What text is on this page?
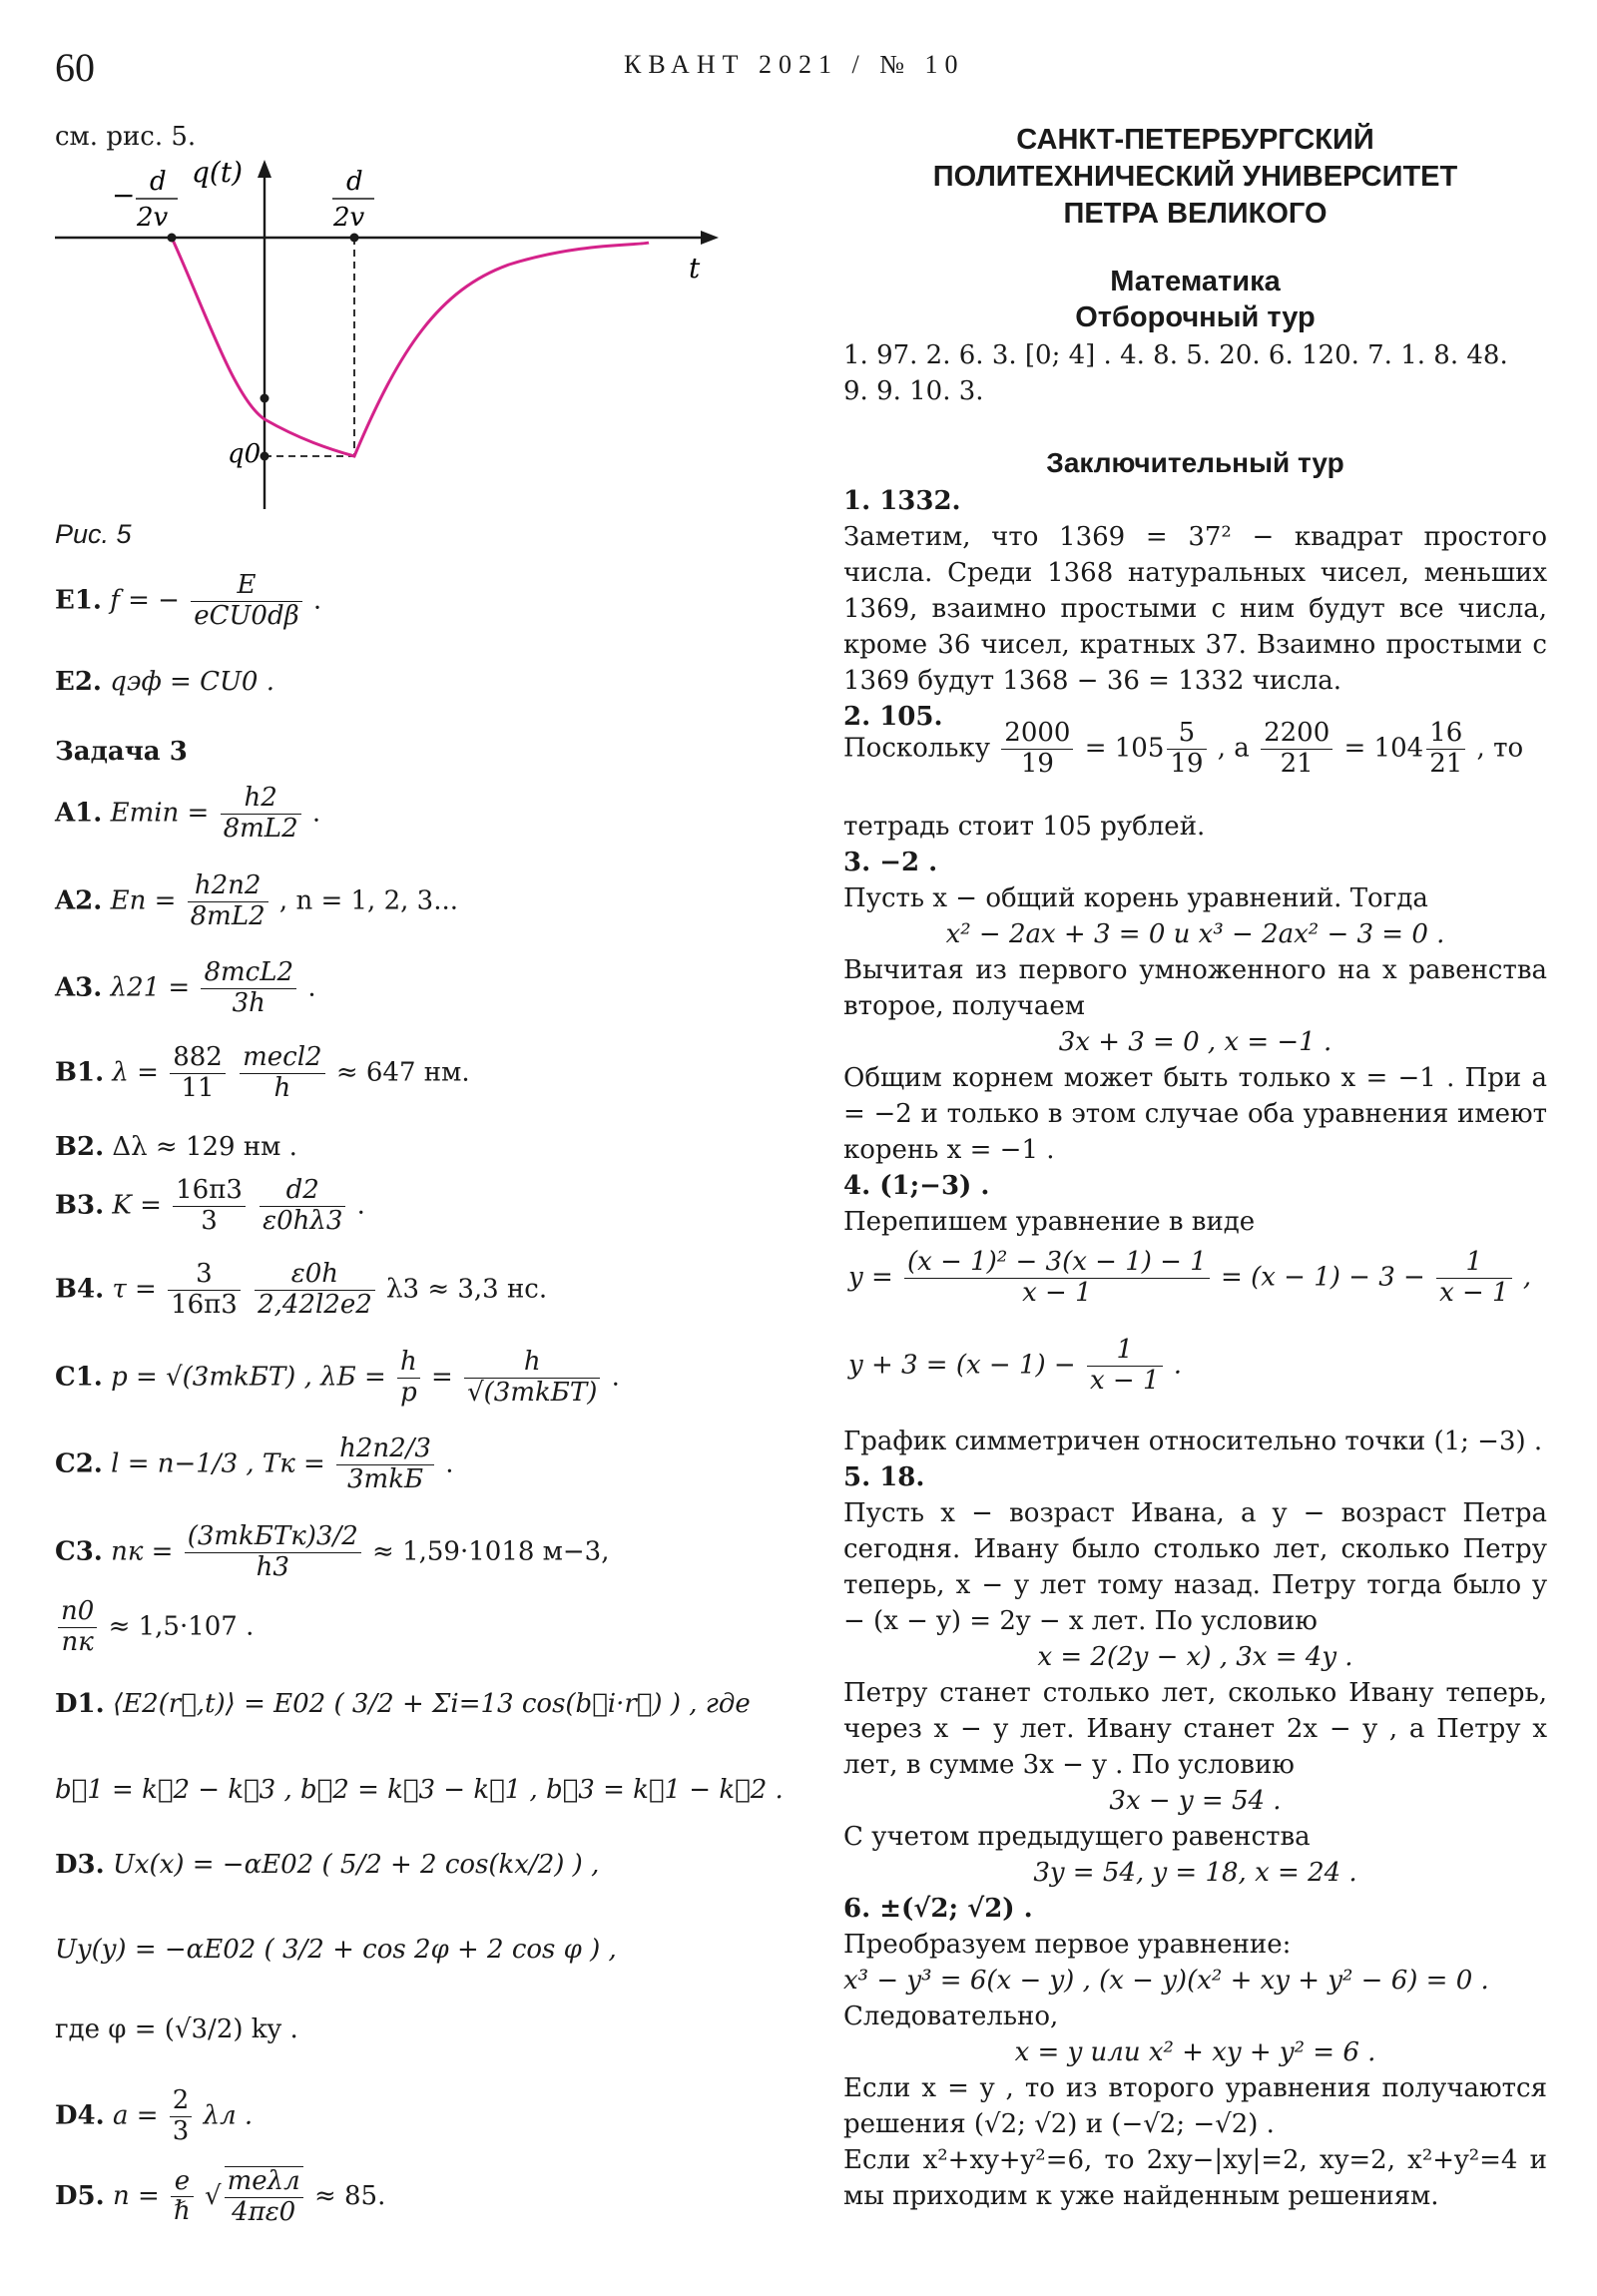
60	КВАНТ 2021 / № 10
см. рис. 5.
q(t)
t
− d
2v
d
2v
q0
Рис. 5
E1. f = − $\frac{E}{\text{eCU0dβ}}$ .
E2. qэф = CU0 .
Задача 3
A1. $Emin = \frac{h2}{8mL2}$ .
A2. $En = \frac{h2n2}{8mL2}$ , n = 1, 2, 3...
A3. $\lambda 21 = \frac{\text{8mcL2}}{3h}$ .
B1. $\lambda = \frac{882}{11}$
$\frac{\text{mecl2}}{h} \approx 647$ нм.
B2. Δλ ≈ 129 нм .
B3. $K = \frac{16\pi 3}{3}$
$\frac{d2}{\varepsilon 0h\lambda 3}$ .
B4. $\tau = \frac{3}{16\pi 3}$
$\frac{\varepsilon 0h}{2,42l2e2} \lambda 3 \approx 3,3$ нс.
C1. p = √(3mkБT) , $\lambda Б = \frac{h}{p} = \frac{h}{\text{√(3mkБT)}}$ .
C2. l = n−1/3 , Tк = $\frac{h2n2/3}{\text{3mkБ}}$ .
C3. nк = $\frac{\text{(3mkБTк)3/2}}{h3} \approx 1,59\cdot 1018$ м−3,
$\frac{n0}{nк} \approx 1,5\cdot 107$ .
D1. ⟨E2(r⃗,t)⟩ = E02 ( 3/2 + Σi=13 cos(b⃗i·r⃗) ) , где
b⃗1 = k⃗2 − k⃗3 , b⃗2 = k⃗3 − k⃗1 , b⃗3 = k⃗1 − k⃗2 .
D3. Ux(x) = −αE02 ( 5/2 + 2 cos(kx/2) ) ,
Uy(y) = −αE02 ( 3/2 + cos 2φ + 2 cos φ ) ,
где φ = (√3/2) ky .
D4. $a = \frac{2}{3}$ λл .
D5. $n = \frac{e}{\text{ℏ}}$ √ $\frac{\text{meλл}}{4\pi\varepsilon 0} \approx 85$.
САНКТ-ПЕТЕРБУРГСКИЙ
ПОЛИТЕХНИЧЕСКИЙ УНИВЕРСИТЕТ
ПЕТРА ВЕЛИКОГО
Математика
Отборочный тур
1. 97. 2. 6. 3. [0; 4] . 4. 8. 5. 20. 6. 120. 7. 1. 8. 48.
9. 9. 10. 3.
Заключительный тур
1. 1332.
Заметим, что 1369 = 37² − квадрат простого числа. Среди 1368 натуральных чисел, меньших 1369, взаимно простыми с ним будут все числа, кроме 36 чисел, кратных 37. Взаимно простыми с 1369 будут 1368 − 36 = 1332 числа.
2. 105.
Поскольку $\frac{2000}{19} = 105 \frac{5}{19}$ , а $\frac{2200}{21} = 104 \frac{16}{21}$ , то
тетрадь стоит 105 рублей.
3. −2 .
Пусть x − общий корень уравнений. Тогда
x² − 2ax + 3 = 0 и x³ − 2ax² − 3 = 0 .
Вычитая из первого умноженного на x равенства второе, получаем
3x + 3 = 0 , x = −1 .
Общим корнем может быть только x = −1 . При a = −2 и только в этом случае оба уравнения имеют корень x = −1 .
4. (1;−3) .
Перепишем уравнение в виде
$y = \frac{\text{(x − 1)² − 3(x − 1) − 1}}{x - 1} = (x - 1) - 3 - \frac{1}{x - 1}$ ,
$y + 3 = (x - 1) - \frac{1}{x - 1}$ .
График симметричен относительно точки (1; −3) .
5. 18.
Пусть x − возраст Ивана, а y − возраст Петра сегодня. Ивану было столько лет, сколько Петру теперь, x − y лет тому назад. Петру тогда было y − (x − y) = 2y − x лет. По условию
x = 2(2y − x) , 3x = 4y .
Петру станет столько лет, сколько Ивану теперь, через x − y лет. Ивану станет 2x − y , а Петру x лет, в сумме 3x − y . По условию
3x − y = 54 .
С учетом предыдущего равенства
3y = 54, y = 18, x = 24 .
6. ±(√2; √2) .
Преобразуем первое уравнение:
x³ − y³ = 6(x − y) , (x − y)(x² + xy + y² − 6) = 0 .
Следовательно,
x = y или x² + xy + y² = 6 .
Если x = y , то из второго уравнения получаются решения (√2; √2) и (−√2; −√2) .
Если x²+xy+y²=6, то 2xy−|xy|=2, xy=2, x²+y²=4 и мы приходим к уже найденным решениям.
